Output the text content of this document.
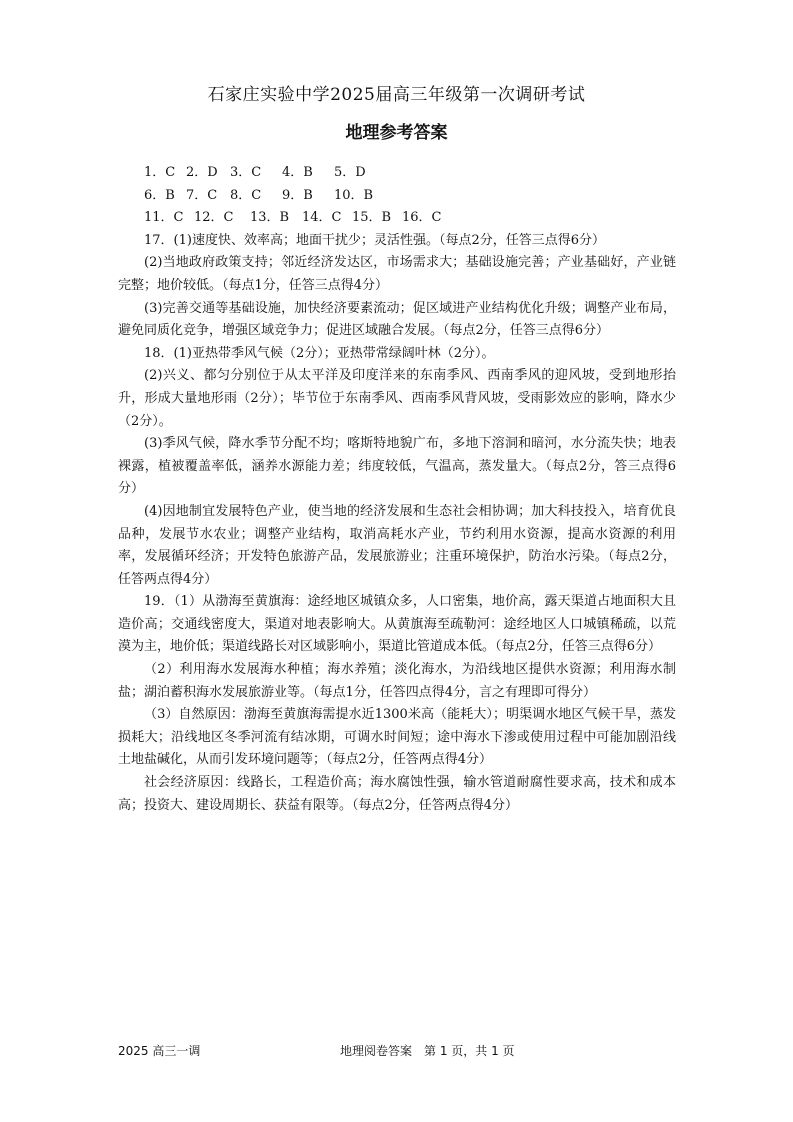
石家庄实验中学2025届高三年级第一次调研考试
地理参考答案
1．C 2．D 3．C	4．B	5．D
6．B 7．C 8．C	9．B	10．B
11．C 12．C	13．B 14．C 15．B 16．C

17．(1)速度快、效率高；地面干扰少；灵活性强。（每点2分，任答三点得6分）

(2)当地政府政策支持；邻近经济发达区，市场需求大；基础设施完善；产业基础好，产业链完整；地价较低。（每点1分，任答三点得4分）

(3)完善交通等基础设施，加快经济要素流动；促区域进产业结构优化升级；调整产业布局，避免同质化竞争，增强区域竞争力；促进区域融合发展。（每点2分，任答三点得6分）

18．(1)亚热带季风气候（2分）；亚热带常绿阔叶林（2分）。

(2)兴义、都匀分别位于从太平洋及印度洋来的东南季风、西南季风的迎风坡，受到地形抬升，形成大量地形雨（2分）；毕节位于东南季风、西南季风背风坡，受雨影效应的影响，降水少（2分）。

(3)季风气候，降水季节分配不均；喀斯特地貌广布，多地下溶洞和暗河，水分流失快；地表裸露，植被覆盖率低，涵养水源能力差；纬度较低，气温高，蒸发量大。（每点2分，答三点得6分）

(4)因地制宜发展特色产业，使当地的经济发展和生态社会相协调；加大科技投入，培育优良品种，发展节水农业；调整产业结构，取消高耗水产业，节约利用水资源，提高水资源的利用率，发展循环经济；开发特色旅游产品，发展旅游业；注重环境保护，防治水污染。（每点2分，任答两点得4分）

19．（1）从渤海至黄旗海：途经地区城镇众多，人口密集，地价高，露天渠道占地面积大且造价高；交通线密度大，渠道对地表影响大。从黄旗海至疏勒河：途经地区人口城镇稀疏，以荒漠为主，地价低；渠道线路长对区域影响小，渠道比管道成本低。（每点2分，任答三点得6分）

（2）利用海水发展海水种植；海水养殖；淡化海水，为沿线地区提供水资源；利用海水制盐；湖泊蓄积海水发展旅游业等。（每点1分，任答四点得4分，言之有理即可得分）

（3）自然原因：渤海至黄旗海需提水近1300米高（能耗大）；明渠调水地区气候干旱，蒸发损耗大；沿线地区冬季河流有结冰期，可调水时间短；途中海水下渗或使用过程中可能加剧沿线土地盐碱化，从而引发环境问题等；（每点2分，任答两点得4分）

社会经济原因：线路长，工程造价高；海水腐蚀性强，输水管道耐腐性要求高，技术和成本高；投资大、建设周期长、获益有限等。（每点2分，任答两点得4分）

2025 高三一调	地理阅卷答案　第 1 页，共 1 页
